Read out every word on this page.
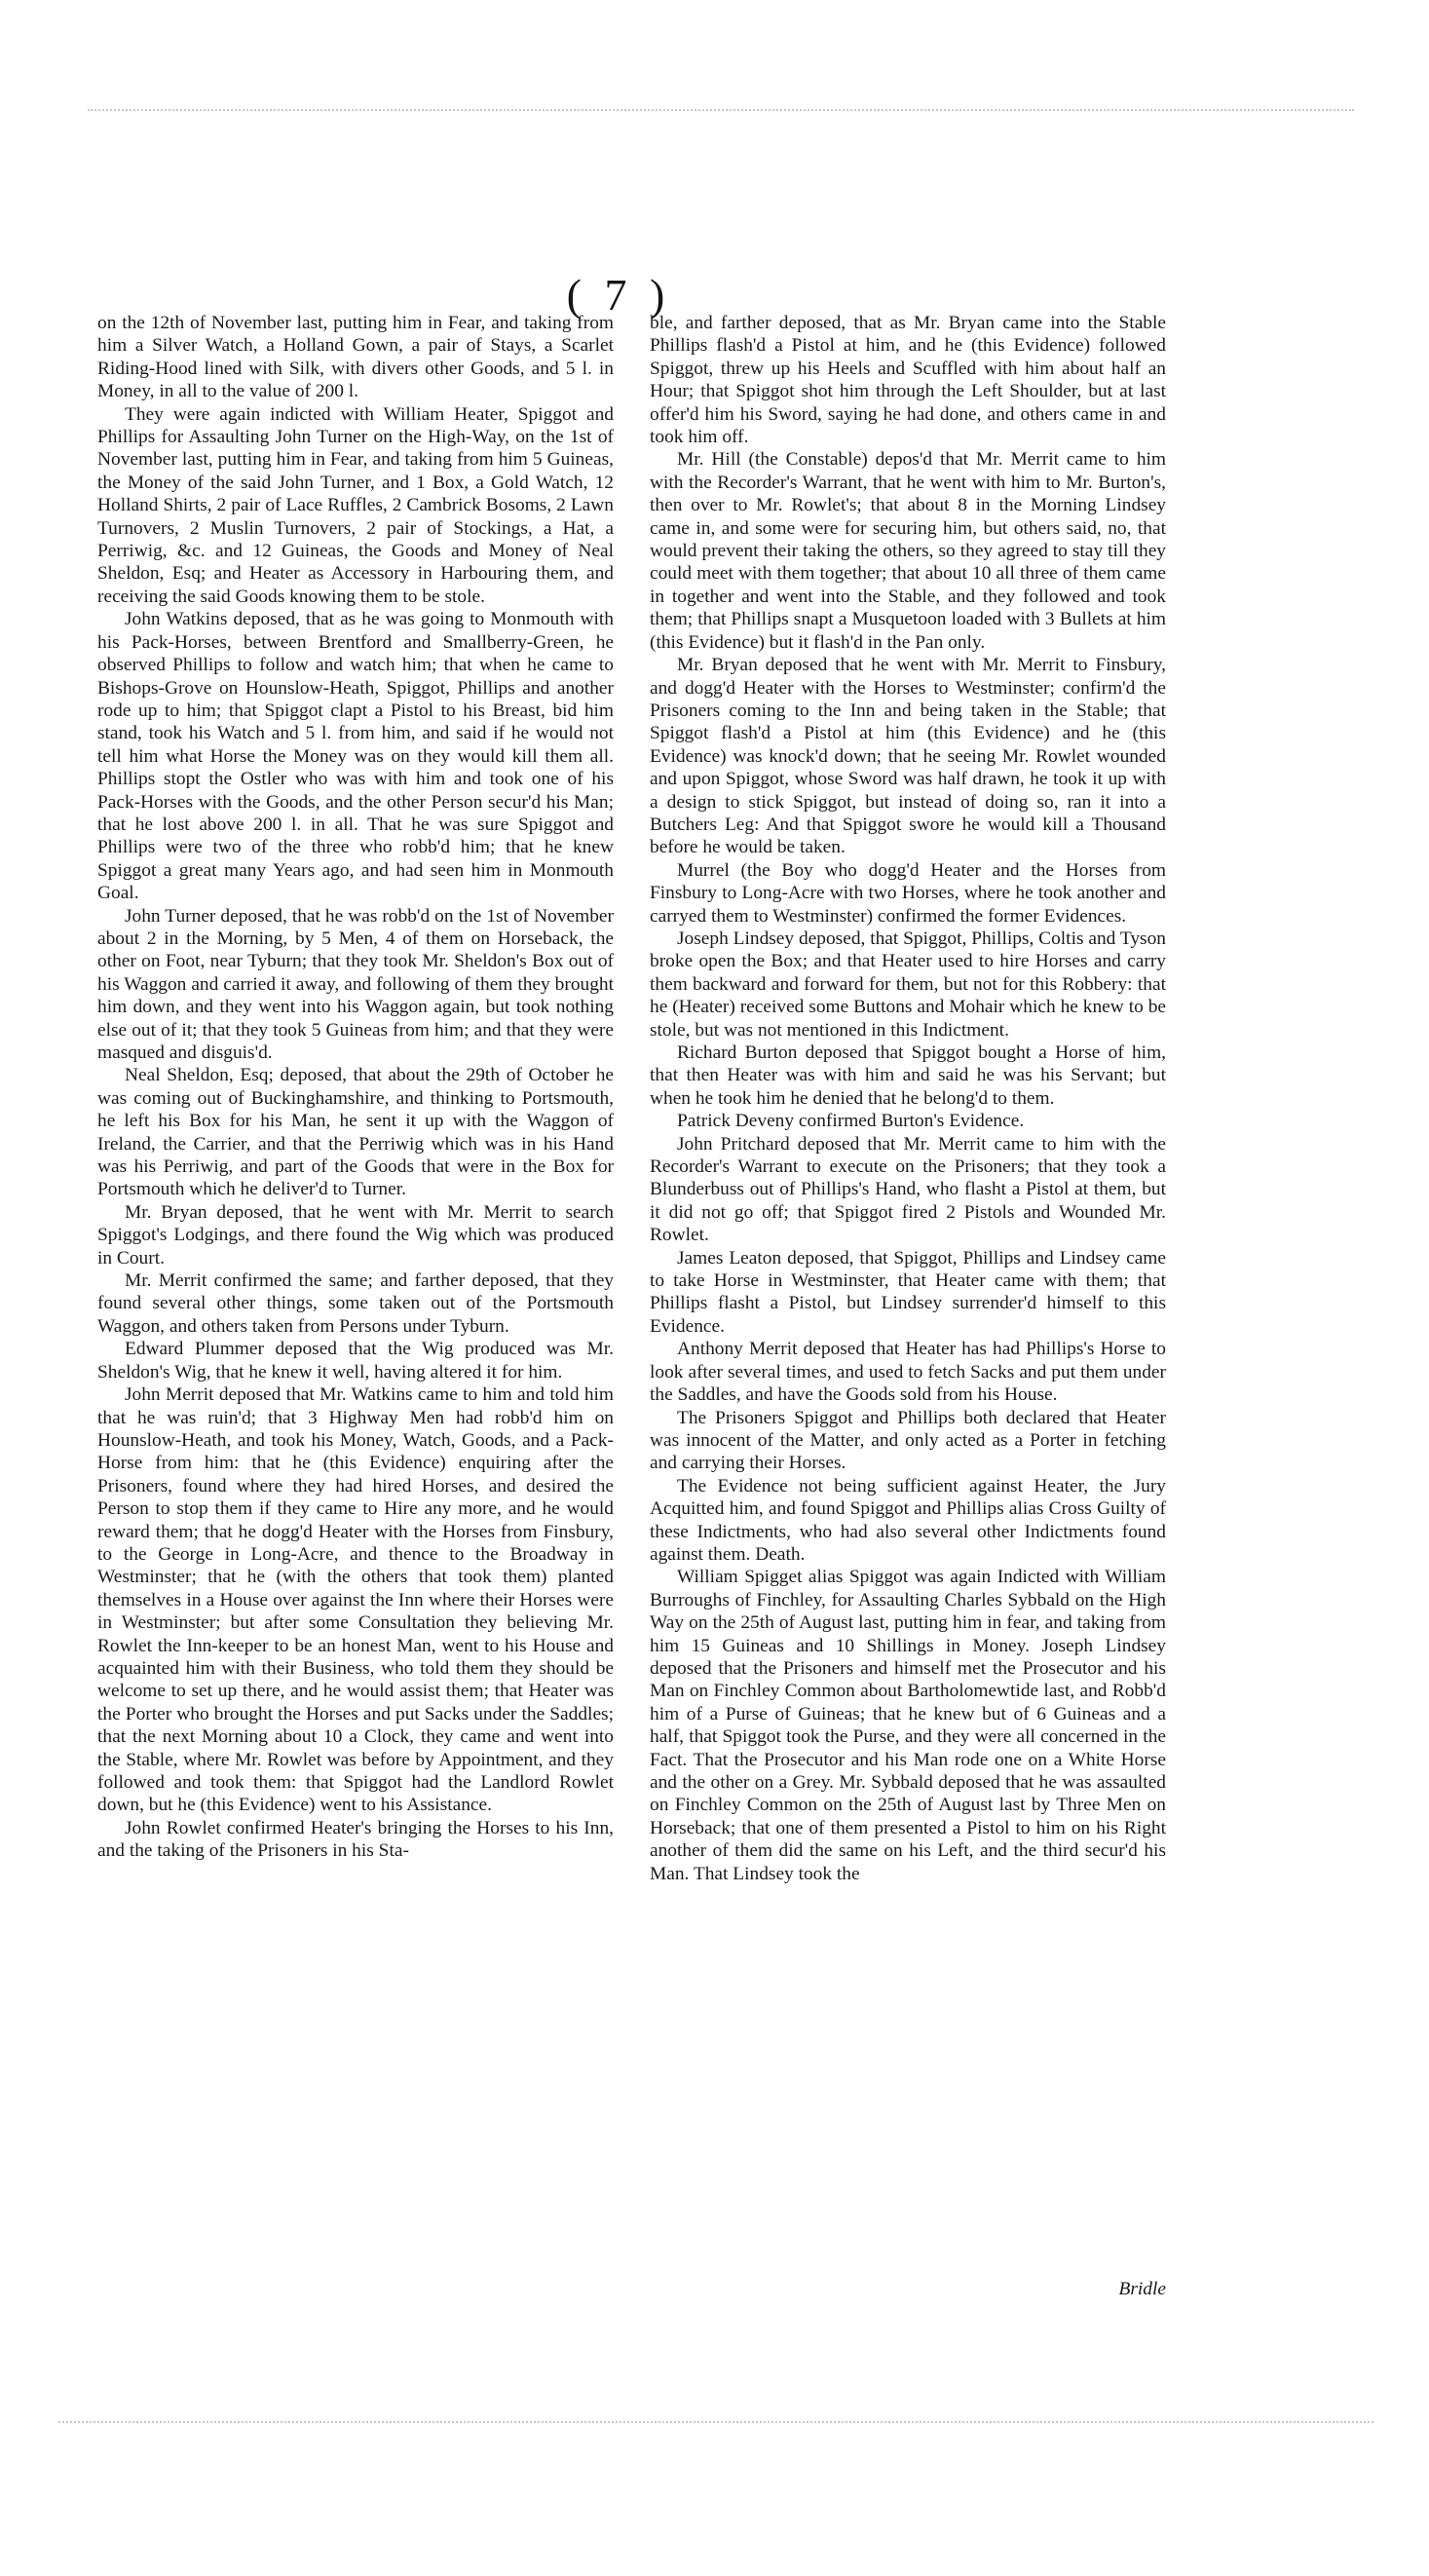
( 7 )

on the 12th of November last, putting him in Fear, and taking from him a Silver Watch, a Holland Gown, a pair of Stays, a Scarlet Riding-Hood lined with Silk, with divers other Goods, and 5 l. in Money, in all to the value of 200 l.

They were again indicted with William Heater, Spiggot and Phillips for Assaulting John Turner on the High-Way, on the 1st of November last, putting him in Fear, and taking from him 5 Guineas, the Money of the said John Turner, and 1 Box, a Gold Watch, 12 Holland Shirts, 2 pair of Lace Ruffles, 2 Cambrick Bosoms, 2 Lawn Turnovers, 2 Muslin Turnovers, 2 pair of Stockings, a Hat, a Perriwig, &c. and 12 Guineas, the Goods and Money of Neal Sheldon, Esq; and Heater as Accessory in Harbouring them, and receiving the said Goods knowing them to be stole.

John Watkins deposed, that as he was going to Monmouth with his Pack-Horses, between Brentford and Smallberry-Green, he observed Phillips to follow and watch him; that when he came to Bishops-Grove on Hounslow-Heath, Spiggot, Phillips and another rode up to him; that Spiggot clapt a Pistol to his Breast, bid him stand, took his Watch and 5 l. from him, and said if he would not tell him what Horse the Money was on they would kill them all. Phillips stopt the Ostler who was with him and took one of his Pack-Horses with the Goods, and the other Person secur'd his Man; that he lost above 200 l. in all. That he was sure Spiggot and Phillips were two of the three who robb'd him; that he knew Spiggot a great many Years ago, and had seen him in Monmouth Goal.

John Turner deposed, that he was robb'd on the 1st of November about 2 in the Morning, by 5 Men, 4 of them on Horseback, the other on Foot, near Tyburn; that they took Mr. Sheldon's Box out of his Waggon and carried it away, and following of them they brought him down, and they went into his Waggon again, but took nothing else out of it; that they took 5 Guineas from him; and that they were masqued and disguis'd.

Neal Sheldon, Esq; deposed, that about the 29th of October he was coming out of Buckinghamshire, and thinking to Portsmouth, he left his Box for his Man, he sent it up with the Waggon of Ireland, the Carrier, and that the Perriwig which was in his Hand was his Perriwig, and part of the Goods that were in the Box for Portsmouth which he deliver'd to Turner.

Mr. Bryan deposed, that he went with Mr. Merrit to search Spiggot's Lodgings, and there found the Wig which was produced in Court.

Mr. Merrit confirmed the same; and farther deposed, that they found several other things, some taken out of the Portsmouth Waggon, and others taken from Persons under Tyburn.

Edward Plummer deposed that the Wig produced was Mr. Sheldon's Wig, that he knew it well, having altered it for him.

John Merrit deposed that Mr. Watkins came to him and told him that he was ruin'd; that 3 Highway Men had robb'd him on Hounslow-Heath, and took his Money, Watch, Goods, and a Pack-Horse from him: that he (this Evidence) enquiring after the Prisoners, found where they had hired Horses, and desired the Person to stop them if they came to Hire any more, and he would reward them; that he dogg'd Heater with the Horses from Finsbury, to the George in Long-Acre, and thence to the Broadway in Westminster; that he (with the others that took them) planted themselves in a House over against the Inn where their Horses were in Westminster; but after some Consultation they believing Mr. Rowlet the Inn-keeper to be an honest Man, went to his House and acquainted him with their Business, who told them they should be welcome to set up there, and he would assist them; that Heater was the Porter who brought the Horses and put Sacks under the Saddles; that the next Morning about 10 a Clock, they came and went into the Stable, where Mr. Rowlet was before by Appointment, and they followed and took them: that Spiggot had the Landlord Rowlet down, but he (this Evidence) went to his Assistance.

John Rowlet confirmed Heater's bringing the Horses to his Inn, and the taking of the Prisoners in his Sta-

ble, and farther deposed, that as Mr. Bryan came into the Stable Phillips flash'd a Pistol at him, and he (this Evidence) followed Spiggot, threw up his Heels and Scuffled with him about half an Hour; that Spiggot shot him through the Left Shoulder, but at last offer'd him his Sword, saying he had done, and others came in and took him off.

Mr. Hill (the Constable) depos'd that Mr. Merrit came to him with the Recorder's Warrant, that he went with him to Mr. Burton's, then over to Mr. Rowlet's; that about 8 in the Morning Lindsey came in, and some were for securing him, but others said, no, that would prevent their taking the others, so they agreed to stay till they could meet with them together; that about 10 all three of them came in together and went into the Stable, and they followed and took them; that Phillips snapt a Musquetoon loaded with 3 Bullets at him (this Evidence) but it flash'd in the Pan only.

Mr. Bryan deposed that he went with Mr. Merrit to Finsbury, and dogg'd Heater with the Horses to Westminster; confirm'd the Prisoners coming to the Inn and being taken in the Stable; that Spiggot flash'd a Pistol at him (this Evidence) and he (this Evidence) was knock'd down; that he seeing Mr. Rowlet wounded and upon Spiggot, whose Sword was half drawn, he took it up with a design to stick Spiggot, but instead of doing so, ran it into a Butchers Leg: And that Spiggot swore he would kill a Thousand before he would be taken.

Murrel (the Boy who dogg'd Heater and the Horses from Finsbury to Long-Acre with two Horses, where he took another and carryed them to Westminster) confirmed the former Evidences.

Joseph Lindsey deposed, that Spiggot, Phillips, Coltis and Tyson broke open the Box; and that Heater used to hire Horses and carry them backward and forward for them, but not for this Robbery: that he (Heater) received some Buttons and Mohair which he knew to be stole, but was not mentioned in this Indictment.

Richard Burton deposed that Spiggot bought a Horse of him, that then Heater was with him and said he was his Servant; but when he took him he denied that he belong'd to them.

Patrick Deveny confirmed Burton's Evidence.

John Pritchard deposed that Mr. Merrit came to him with the Recorder's Warrant to execute on the Prisoners; that they took a Blunderbuss out of Phillips's Hand, who flasht a Pistol at them, but it did not go off; that Spiggot fired 2 Pistols and Wounded Mr. Rowlet.

James Leaton deposed, that Spiggot, Phillips and Lindsey came to take Horse in Westminster, that Heater came with them; that Phillips flasht a Pistol, but Lindsey surrender'd himself to this Evidence.

Anthony Merrit deposed that Heater has had Phillips's Horse to look after several times, and used to fetch Sacks and put them under the Saddles, and have the Goods sold from his House.

The Prisoners Spiggot and Phillips both declared that Heater was innocent of the Matter, and only acted as a Porter in fetching and carrying their Horses.

The Evidence not being sufficient against Heater, the Jury Acquitted him, and found Spiggot and Phillips alias Cross Guilty of these Indictments, who had also several other Indictments found against them. Death.

William Spigget alias Spiggot was again Indicted with William Burroughs of Finchley, for Assaulting Charles Sybbald on the High Way on the 25th of August last, putting him in fear, and taking from him 15 Guineas and 10 Shillings in Money. Joseph Lindsey deposed that the Prisoners and himself met the Prosecutor and his Man on Finchley Common about Bartholomewtide last, and Robb'd him of a Purse of Guineas; that he knew but of 6 Guineas and a half, that Spiggot took the Purse, and they were all concerned in the Fact. That the Prosecutor and his Man rode one on a White Horse and the other on a Grey. Mr. Sybbald deposed that he was assaulted on Finchley Common on the 25th of August last by Three Men on Horseback; that one of them presented a Pistol to him on his Right another of them did the same on his Left, and the third secur'd his Man. That Lindsey took the

Bridle
